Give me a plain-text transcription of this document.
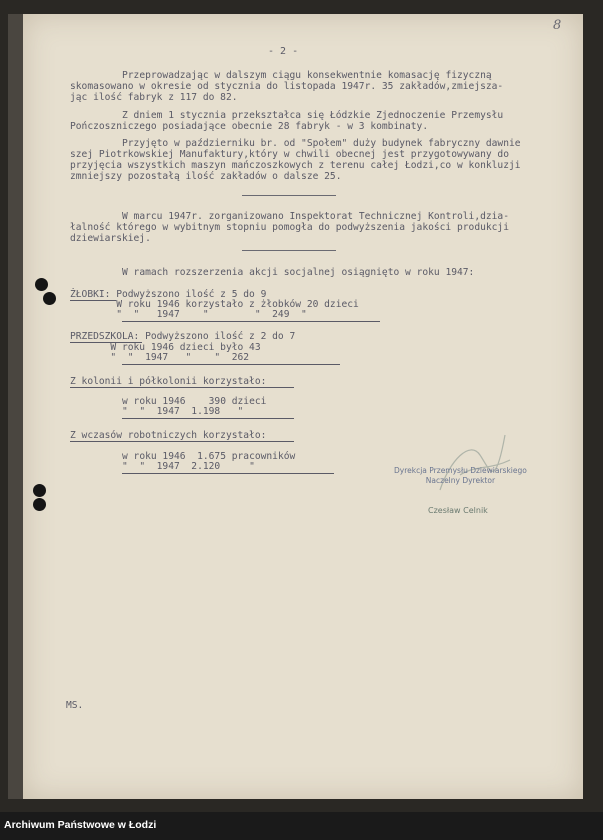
8
- 2 -
Przeprowadzając w dalszym ciągu konsekwentnie komasację fizyczną
skomasowano w okresie od stycznia do listopada 1947r. 35 zakładów,zmiejsza-
jąc ilość fabryk z 117 do 82.
Z dniem 1 stycznia przekształca się Łódzkie Zjednoczenie Przemysłu
Pończoszniczego posiadające obecnie 28 fabryk - w 3 kombinaty.
Przyjęto w październiku br. od "Społem" duży budynek fabryczny dawnie
szej Piotrkowskiej Manufaktury,który w chwili obecnej jest przygotowywany do
przyjęcia wszystkich maszyn mańczoszkowych z terenu całej Łodzi,co w konkluzji
zmniejszy pozostałą ilość zakładów o dalsze 25.
W marcu 1947r. zorganizowano Inspektorat Technicznej Kontroli,dzia-
łalność którego w wybitnym stopniu pomogła do podwyższenia jakości produkcji
dziewiarskiej.
W ramach rozszerzenia akcji socjalnej osiągnięto w roku 1947:
ŻŁOBKI: Podwyższono ilość z 5 do 9
W roku 1946 korzystało z żłobków 20 dzieci
"  "   1947    "        "  249  "
PRZEDSZKOLA: Podwyższono ilość z 2 do 7
W roku 1946 dzieci było 43
"  "  1947   "    "  262
Z kolonii i półkolonii korzystało:
w roku 1946    390 dzieci
"  "  1947  1.198   "
Z wczasów robotniczych korzystało:
w roku 1946  1.675 pracowników
"  "  1947  2.120     "	Dyrekcja Przemysłu Dziewiarskiego
Naczelny Dyrektor
Czesław Celnik
MS.
Archiwum Państwowe w Łodzi
